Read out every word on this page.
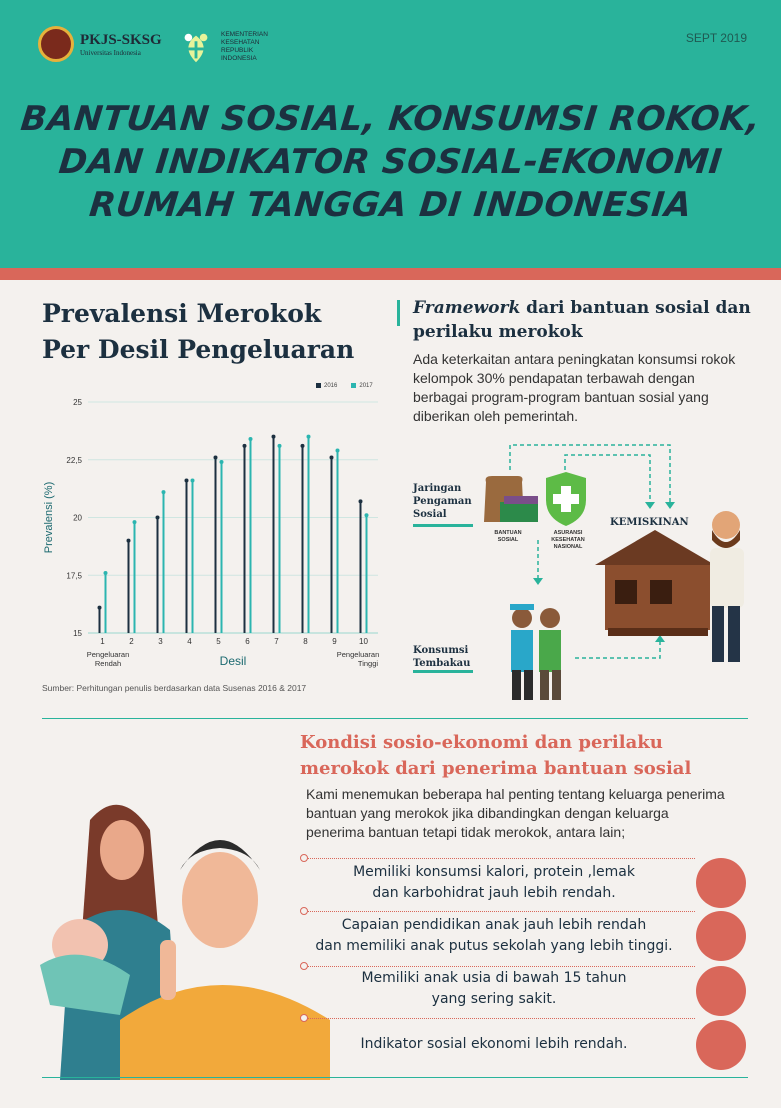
PKJS-SKSG
Universitas Indonesia
KEMENTERIAN
KESEHATAN
REPUBLIK
INDONESIA
SEPT 2019
BANTUAN SOSIAL, KONSUMSI ROKOK,
DAN INDIKATOR SOSIAL-EKONOMI
RUMAH TANGGA DI INDONESIA
Prevalensi Merokok
Per Desil Pengeluaran
2016	2017
15
17,5
20
22,5
25
1	2	3	4	5	6	7	8	9	10
Prevalensi (%)
Desil
Pengeluaran
Rendah
Pengeluaran
Tinggi
Sumber: Perhitungan penulis berdasarkan data Susenas 2016 & 2017
Framework dari bantuan sosial dan perilaku merokok
Ada keterkaitan antara peningkatan konsumsi rokok kelompok 30% pendapatan terbawah dengan berbagai program-program bantuan sosial yang diberikan oleh pemerintah.
Jaringan
Pengaman
Sosial
Konsumsi
Tembakau
KEMISKINAN
BANTUAN
SOSIAL
ASURANSI KESEHATAN
NASIONAL
Kondisi sosio-ekonomi dan perilaku
merokok dari penerima bantuan sosial
Kami menemukan beberapa hal penting tentang keluarga penerima bantuan yang merokok jika dibandingkan dengan keluarga penerima bantuan tetapi tidak merokok, antara lain;
Memiliki konsumsi kalori, protein ,lemak
dan karbohidrat jauh lebih rendah.
Capaian pendidikan anak jauh lebih rendah
dan memiliki anak putus sekolah yang lebih tinggi.
Memiliki anak usia di bawah 15 tahun
yang sering sakit.
Indikator sosial ekonomi lebih rendah.
